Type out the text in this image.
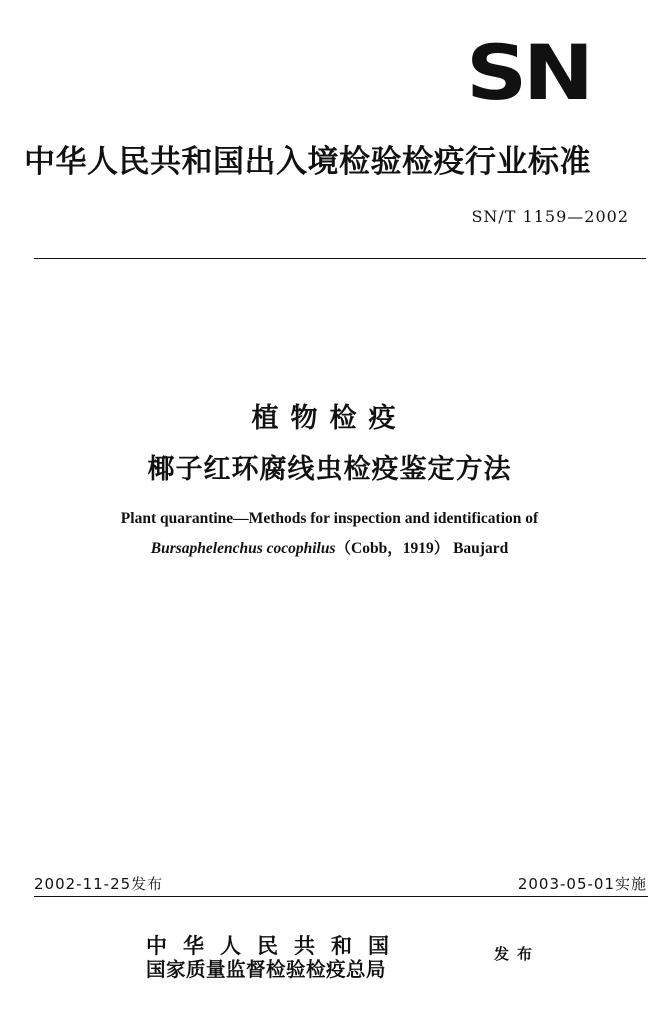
SN
中华人民共和国出入境检验检疫行业标准
SN/T 1159—2002
植物检疫
椰子红环腐线虫检疫鉴定方法
Plant quarantine—Methods for inspection and identification of
Bursaphelenchus cocophilus（Cobb，1919） Baujard
2002-11-25发布	2003-05-01实施
中华人民共和国
国家质量监督检验检疫总局
发布
